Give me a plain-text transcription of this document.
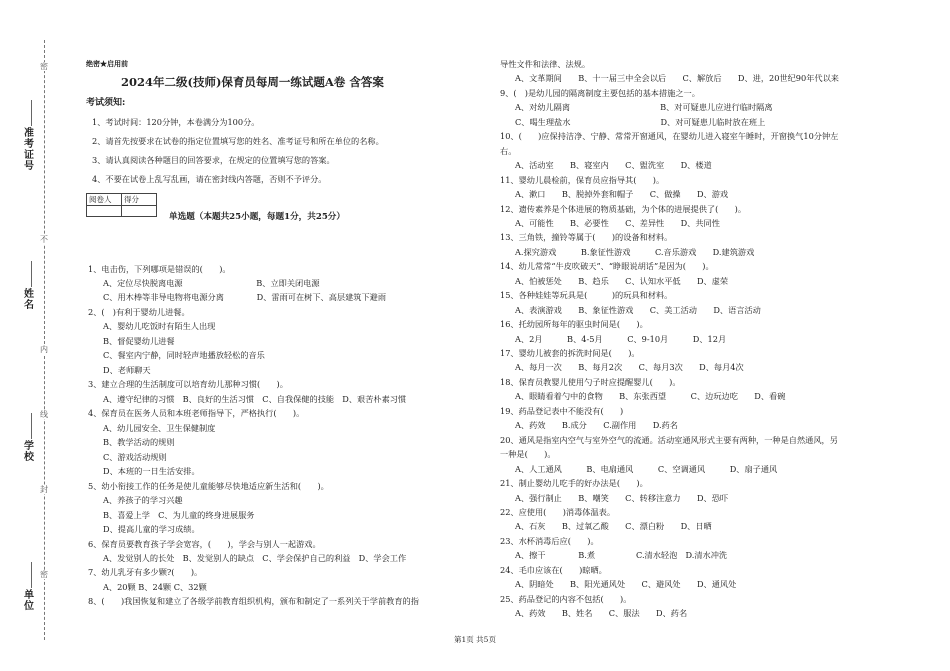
准考证号
姓名
学校
单位
密
不
内
线
封
密
绝密★启用前
2024年二级(技师)保育员每周一练试题A卷 含答案
考试须知:
1、考试时间：120分钟，本卷满分为100分。
2、请首先按要求在试卷的指定位置填写您的姓名、准考证号和所在单位的名称。
3、请认真阅读各种题目的回答要求，在规定的位置填写您的答案。
4、不要在试卷上乱写乱画，请在密封线内答题，否则不予评分。
阅卷人	得分

单选题（本题共25小题，每题1分，共25分）
1、电击伤，下列哪项是错误的(　　)。
A、定位尽快脱离电源　　　　　　　　　B、立即关闭电源
C、用木棒等非导电物将电源分离　　　　D、雷雨可在树下、高层建筑下避雨
2、(　)有利于婴幼儿进餐。
A、婴幼儿吃饭时有陌生人出现
B、督促婴幼儿进餐
C、餐室内宁静，同时轻声地播放轻松的音乐
D、老师聊天
3、建立合理的生活制度可以培育幼儿那种习惯(　　)。
A、遵守纪律的习惯　B、良好的生活习惯　C、自我保健的技能　D、艰苦朴素习惯
4、保育员在医务人员和本班老师指导下，严格执行(　　)。
A、幼儿园安全、卫生保健制度
B、教学活动的规则
C、游戏活动规则
D、本班的一日生活安排。
5、幼小衔接工作的任务是使儿童能够尽快地适应新生活和(　　)。
A、养孩子的学习兴趣
B、喜爱上学　C、为儿童的终身进展服务
D、提高儿童的学习成绩。
6、保育员要教育孩子学会宽容，(　　)，学会与别人一起游戏。
A、发觉别人的长处　B、发觉别人的缺点　C、学会保护自己的利益　D、学会工作
7、幼儿乳牙有多少颗?(　　)。
A、20颗 B、24颗 C、32颗
8、(　　)我国恢复和建立了各级学前教育组织机构，颁布和制定了一系列关于学前教育的指
导性文件和法律、法规。
A、文革期间　　B、十一届三中全会以后　　C、解放后　　D、进，20世纪90年代以来
9、(　)是幼儿园的隔离制度主要包括的基本措施之一。
A、对幼儿隔离　　　　　　　　　　　B、对可疑患儿应进行临时隔离
C、喝生理盐水　　　　　　　　　　　D、对可疑患儿临时放在班上
10、(　　)应保持洁净、宁静、常常开窗通风，在婴幼儿进入寝室午睡时，开窗换气10分钟左
右。
A、活动室　　B、寝室内　　C、盥洗室　　D、楼道
11、婴幼儿晨检前，保育员应指导其(　　)。
A、漱口　　B、脱掉外套和帽子　　C、做操　　D、游戏
12、遗传素养是个体进展的物质基础，为个体的进展提供了(　　)。
A、可能性　　B、必要性　　C、差异性　　D、共同性
13、三角铁，撞铃等属于(　　)的设备和材料。
A.探究游戏　　　B.象征性游戏　　　C.音乐游戏　　D.建筑游戏
14、幼儿常常“牛皮吹破天”、“睁眼说胡话”是因为(　　)。
A、怕被惩处　　B、趋乐　　C、认知水平低　　D、虚荣
15、各种娃娃等玩具是(　　　)的玩具和材料。
A、表演游戏　　B、象征性游戏　　C、美工活动　　D、语言活动
16、托幼园所每年的驱虫时间是(　　)。
A、2月　　　B、4-5月　　　C、9-10月　　　D、12月
17、婴幼儿被套的拆洗时间是(　　)。
A、每月一次　　B、每月2次　　C、每月3次　　D、每月4次
18、保育员教婴儿使用勺子时应提醒婴儿(　　)。
A、眼睛看着勺中的食物　　B、东张西望　　　C、边玩边吃　　D、看碗
19、药品登记表中不能没有(　　)
A、药效　　B.成分　　C.副作用　　D.药名
20、通风是指室内空气与室外空气的流通。活动室通风形式主要有两种，一种是自然通风，另
一种是(　　)。
A、人工通风　　　B、电扇通风　　　C、空调通风　　　D、扇子通风
21、制止婴幼儿吃手的好办法是(　　)。
A、强行制止　　B、嘲笑　　C、转移注意力　　D、恐吓
22、应使用(　　)消毒体温表。
A、石灰　　B、过氧乙酸　　C、漂白粉　　D、日晒
23、水杯消毒后应(　　)。
A、擦干　　　　B.煮　　　　　C.清水轻泡　D.清水冲洗
24、毛巾应该在(　　)晾晒。
A、阴暗处　　B、阳光通风处　　C、避风处　　D、通风处
25、药品登记的内容不包括(　　)。
A、药效　　B、姓名　　C、服法　　D、药名
第1页 共5页
